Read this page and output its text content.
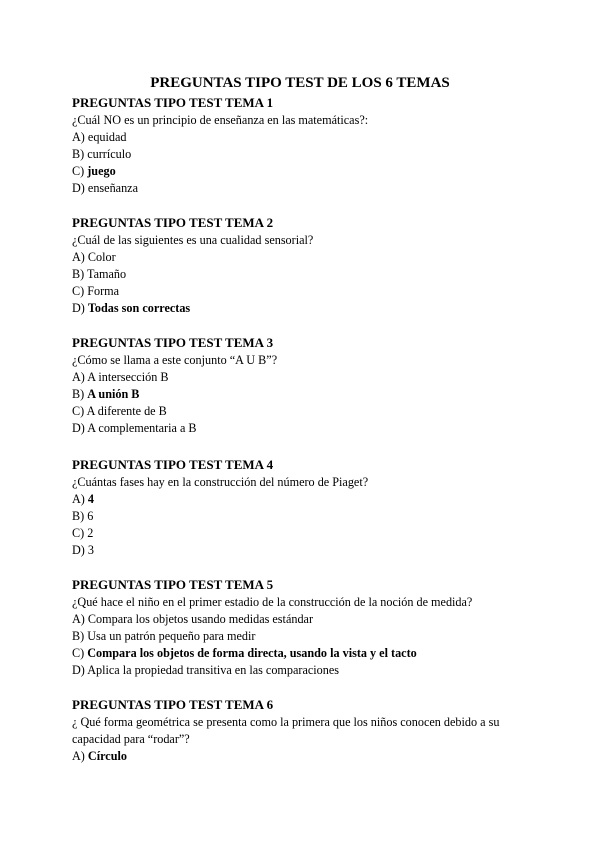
PREGUNTAS TIPO TEST DE LOS 6 TEMAS
PREGUNTAS TIPO TEST TEMA 1
¿Cuál NO es un principio de enseñanza en las matemáticas?:
A) equidad
B) currículo
C) juego
D) enseñanza
PREGUNTAS TIPO TEST TEMA 2
¿Cuál de las siguientes es una cualidad sensorial?
A) Color
B) Tamaño
C) Forma
D) Todas son correctas
PREGUNTAS TIPO TEST TEMA 3
¿Cómo se llama a este conjunto “A U B”?
A) A intersección B
B) A unión B
C) A diferente de B
D) A complementaria a B
PREGUNTAS TIPO TEST TEMA 4
¿Cuántas fases hay en la construcción del número de Piaget?
A) 4
B) 6
C) 2
D) 3
PREGUNTAS TIPO TEST TEMA 5
¿Qué hace el niño en el primer estadio de la construcción de la noción de medida?
A) Compara los objetos usando medidas estándar
B) Usa un patrón pequeño para medir
C) Compara los objetos de forma directa, usando la vista y el tacto
D) Aplica la propiedad transitiva en las comparaciones
PREGUNTAS TIPO TEST TEMA 6
¿ Qué forma geométrica se presenta como la primera que los niños conocen debido a su capacidad para “rodar”?
A) Círculo
